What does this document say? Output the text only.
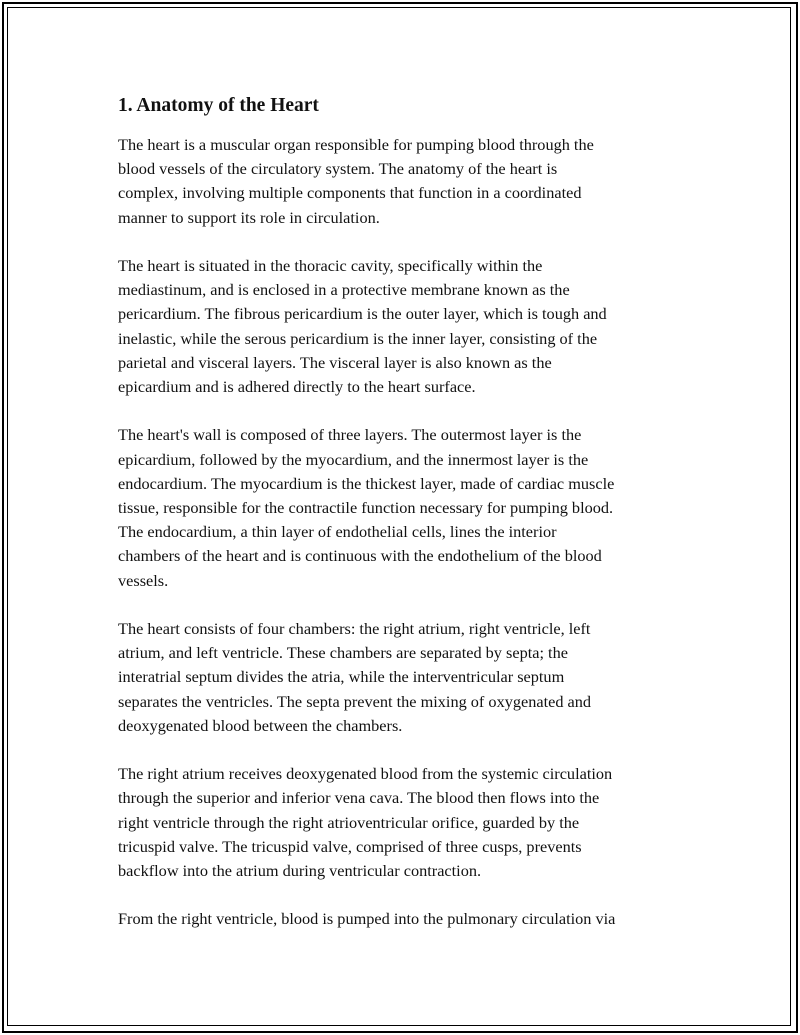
1. Anatomy of the Heart

The heart is a muscular organ responsible for pumping blood through the
blood vessels of the circulatory system. The anatomy of the heart is
complex, involving multiple components that function in a coordinated
manner to support its role in circulation.

The heart is situated in the thoracic cavity, specifically within the
mediastinum, and is enclosed in a protective membrane known as the
pericardium. The fibrous pericardium is the outer layer, which is tough and
inelastic, while the serous pericardium is the inner layer, consisting of the
parietal and visceral layers. The visceral layer is also known as the
epicardium and is adhered directly to the heart surface.

The heart's wall is composed of three layers. The outermost layer is the
epicardium, followed by the myocardium, and the innermost layer is the
endocardium. The myocardium is the thickest layer, made of cardiac muscle
tissue, responsible for the contractile function necessary for pumping blood.
The endocardium, a thin layer of endothelial cells, lines the interior
chambers of the heart and is continuous with the endothelium of the blood
vessels.

The heart consists of four chambers: the right atrium, right ventricle, left
atrium, and left ventricle. These chambers are separated by septa; the
interatrial septum divides the atria, while the interventricular septum
separates the ventricles. The septa prevent the mixing of oxygenated and
deoxygenated blood between the chambers.

The right atrium receives deoxygenated blood from the systemic circulation
through the superior and inferior vena cava. The blood then flows into the
right ventricle through the right atrioventricular orifice, guarded by the
tricuspid valve. The tricuspid valve, comprised of three cusps, prevents
backflow into the atrium during ventricular contraction.

From the right ventricle, blood is pumped into the pulmonary circulation via
